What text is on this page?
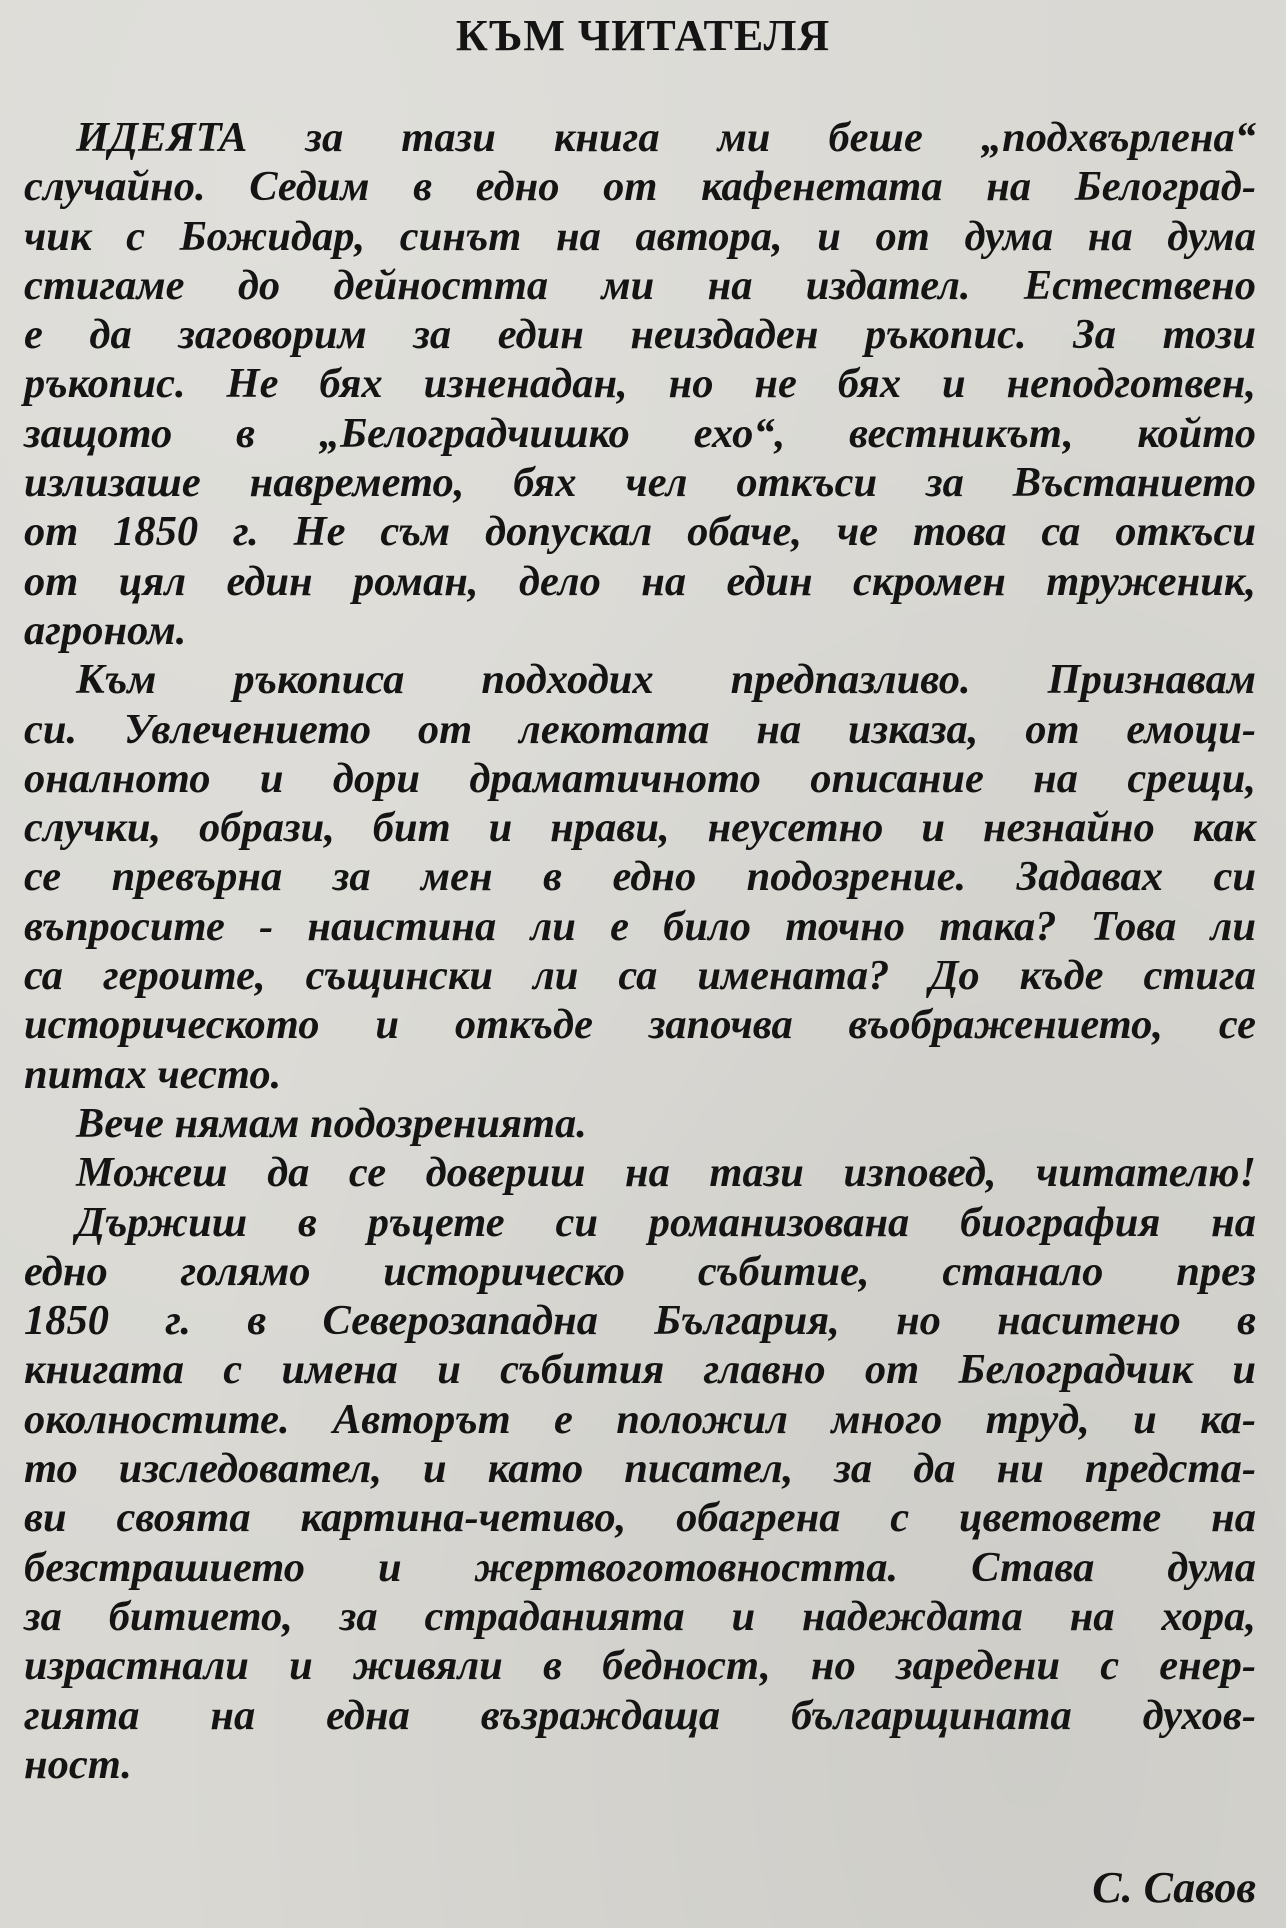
КЪМ ЧИТАТЕЛЯ
ИДЕЯТА за тази книга ми беше „подхвърлена“
случайно. Седим в едно от кафенетата на Белоград-
чик с Божидар, синът на автора, и от дума на дума
стигаме до дейността ми на издател. Естествено
е да заговорим за един неиздаден ръкопис. За този
ръкопис. Не бях изненадан, но не бях и неподготвен,
защото в „Белоградчишко ехо“, вестникът, който
излизаше навремето, бях чел откъси за Въстанието
от 1850 г. Не съм допускал обаче, че това са откъси
от цял един роман, дело на един скромен труженик,
агроном.
Към ръкописа подходих предпазливо. Признавам
си. Увлечението от лекотата на изказа, от емоци-
оналното и дори драматичното описание на срещи,
случки, образи, бит и нрави, неусетно и незнайно как
се превърна за мен в едно подозрение. Задавах си
въпросите - наистина ли е било точно така? Това ли
са героите, същински ли са имената? До къде стига
историческото и откъде започва въображението, се
питах често.
Вече нямам подозренията.
Можеш да се довериш на тази изповед, читателю!
Държиш в ръцете си романизована биография на
едно голямо историческо събитие, станало през
1850 г. в Северозападна България, но наситено в
книгата с имена и събития главно от Белоградчик и
околностите. Авторът е положил много труд, и ка-
то изследовател, и като писател, за да ни предста-
ви своята картина-четиво, обагрена с цветовете на
безстрашието и жертвоготовността. Става дума
за битието, за страданията и надеждата на хора,
израстнали и живяли в бедност, но заредени с енер-
гията на една възраждаща българщината духов-
ност.
С. Савов
